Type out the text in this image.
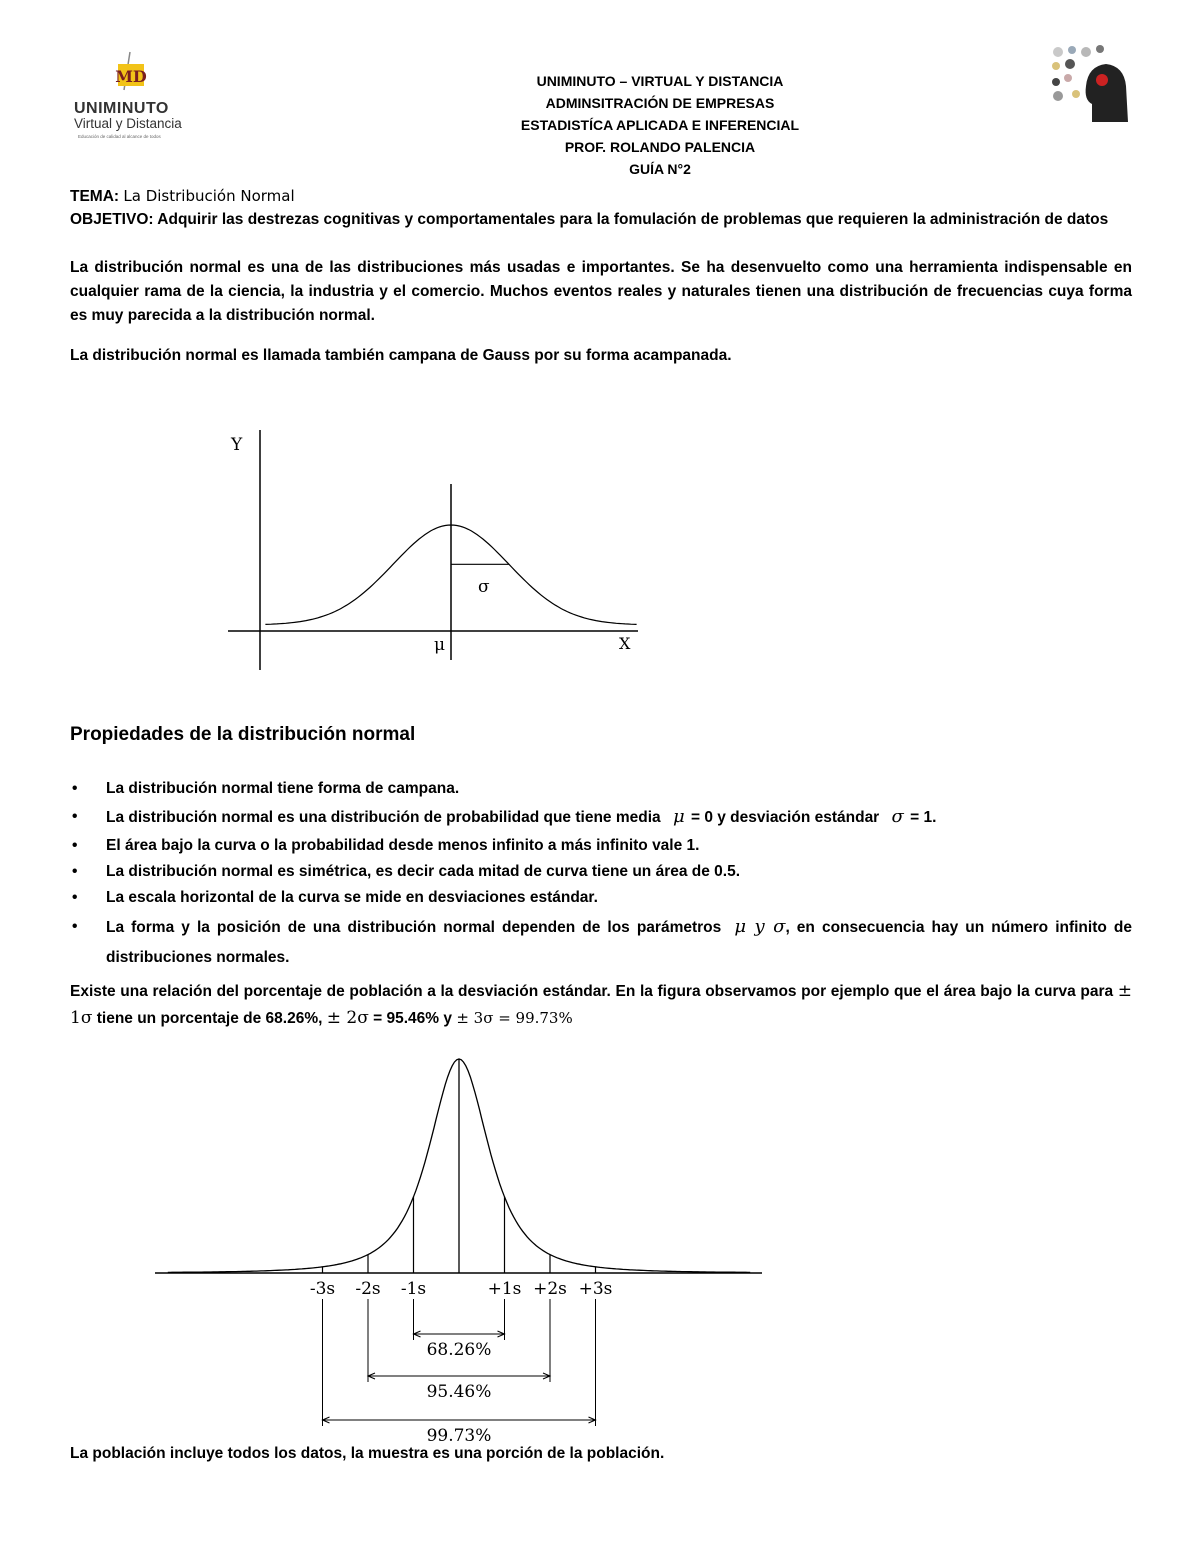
MD
UNIMINUTO
Virtual y Distancia
Educación de calidad al alcance de todos
UNIMINUTO – VIRTUAL Y DISTANCIA
ADMINSITRACIÓN DE EMPRESAS
ESTADISTÍCA APLICADA E INFERENCIAL
PROF. ROLANDO PALENCIA
GUÍA N°2
TEMA: La Distribución Normal
OBJETIVO: Adquirir las destrezas cognitivas y comportamentales para la fomulación de problemas que requieren la administración de datos
La distribución normal es una de las distribuciones más usadas e importantes. Se ha desenvuelto como una herramienta indispensable en cualquier rama de la ciencia, la industria y el comercio. Muchos eventos reales y naturales tienen una distribución de frecuencias cuya forma es muy parecida a la distribución normal.
La distribución normal es llamada también campana de Gauss por su forma acampanada.
Y
X
μ
σ
Propiedades de la distribución normal
• La distribución normal tiene forma de campana.
• La distribución normal es una distribución de probabilidad que tiene media μ = 0 y desviación estándar σ = 1.
• El área bajo la curva o la probabilidad desde menos infinito a más infinito vale 1.
• La distribución normal es simétrica, es decir cada mitad de curva tiene un área de 0.5.
• La escala horizontal de la curva se mide en desviaciones estándar.
• La forma y la posición de una distribución normal dependen de los parámetros μ y σ, en consecuencia hay un número infinito de distribuciones normales.
Existe una relación del porcentaje de población a la desviación estándar. En la figura observamos por ejemplo que el área bajo la curva para ± 1σ tiene un porcentaje de 68.26%, ± 2σ = 95.46% y ± 3σ = 99.73%
-3s -2s -1s	+1s +2s +3s
68.26%
95.46%
99.73%
La población incluye todos los datos, la muestra es una porción de la población.
